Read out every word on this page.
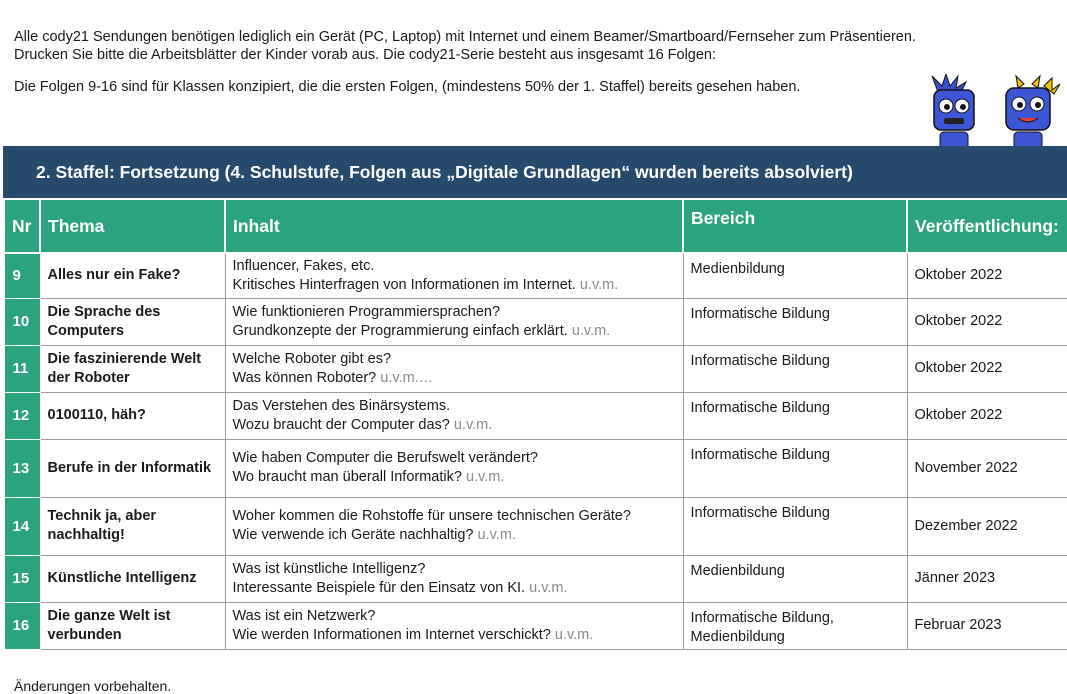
Alle cody21 Sendungen benötigen lediglich ein Gerät (PC, Laptop) mit Internet und einem Beamer/Smartboard/Fernseher zum Präsentieren.

Drucken Sie bitte die Arbeitsblätter der Kinder vorab aus. Die cody21-Serie besteht aus insgesamt 16 Folgen:

Die Folgen 9-16 sind für Klassen konzipiert, die die ersten Folgen, (mindestens 50% der 1. Staffel) bereits gesehen haben.

2. Staffel: Fortsetzung (4. Schulstufe, Folgen aus „Digitale Grundlagen“ wurden bereits absolviert)
Nr	Thema	Inhalt	Bereich	Veröffentlichung:
9	Alles nur ein Fake?	Influencer, Fakes, etc.
Kritisches Hinterfragen von Informationen im Internet. u.v.m.	Medienbildung	Oktober 2022
10	Die Sprache des Computers	Wie funktionieren Programmiersprachen?
Grundkonzepte der Programmierung einfach erklärt. u.v.m.	Informatische Bildung	Oktober 2022
11	Die faszinierende Welt der Roboter	Welche Roboter gibt es?
Was können Roboter? u.v.m.…	Informatische Bildung	Oktober 2022
12	0100110, häh?	Das Verstehen des Binärsystems.
Wozu braucht der Computer das? u.v.m.	Informatische Bildung	Oktober 2022
13	Berufe in der Informatik	Wie haben Computer die Berufswelt verändert?
Wo braucht man überall Informatik? u.v.m.	Informatische Bildung	November 2022
14	Technik ja, aber nachhaltig!	Woher kommen die Rohstoffe für unsere technischen Geräte?
Wie verwende ich Geräte nachhaltig? u.v.m.	Informatische Bildung	Dezember 2022
15	Künstliche Intelligenz	Was ist künstliche Intelligenz?
Interessante Beispiele für den Einsatz von KI. u.v.m.	Medienbildung	Jänner 2023
16	Die ganze Welt ist verbunden	Was ist ein Netzwerk?
Wie werden Informationen im Internet verschickt? u.v.m.	Informatische Bildung, Medienbildung	Februar 2023
Änderungen vorbehalten.
